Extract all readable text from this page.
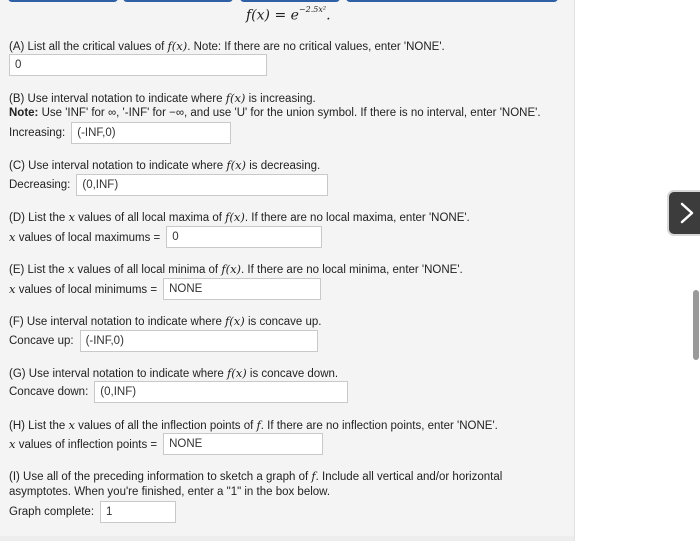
$f(x) = e^{-2.5x^2}$.
(A) List all the critical values of f(x). Note: If there are no critical values, enter 'NONE'.
0
(B) Use interval notation to indicate where f(x) is increasing.
Note: Use 'INF' for ∞, '-INF' for −∞, and use 'U' for the union symbol. If there is no interval, enter 'NONE'.
Increasing:
(-INF,0)
(C) Use interval notation to indicate where f(x) is decreasing.
Decreasing:
(0,INF)
(D) List the x values of all local maxima of f(x). If there are no local maxima, enter 'NONE'.
x values of local maximums =
0
(E) List the x values of all local minima of f(x). If there are no local minima, enter 'NONE'.
x values of local minimums =
NONE
(F) Use interval notation to indicate where f(x) is concave up.
Concave up:
(-INF,0)
(G) Use interval notation to indicate where f(x) is concave down.
Concave down:
(0,INF)
(H) List the x values of all the inflection points of f. If there are no inflection points, enter 'NONE'.
x values of inflection points =
NONE
(I) Use all of the preceding information to sketch a graph of f. Include all vertical and/or horizontal
asymptotes. When you're finished, enter a "1" in the box below.
Graph complete:
1
